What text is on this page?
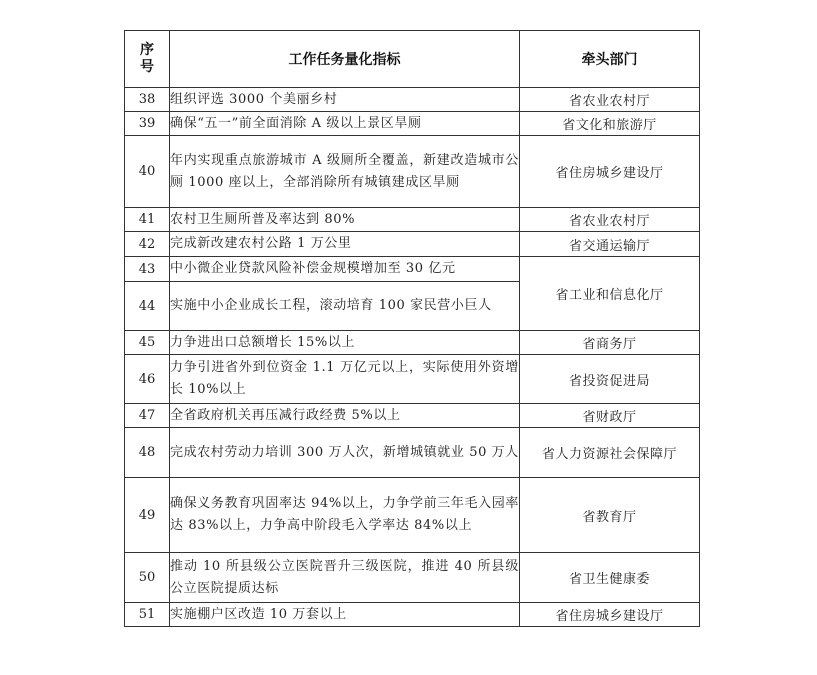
序
号	工作任务量化指标	牵头部门
38	组织评选 3000 个美丽乡村	省农业农村厅
39	确保“五一”前全面消除 A 级以上景区旱厕	省文化和旅游厅
40	年内实现重点旅游城市 A 级厕所全覆盖，新建改造城市公厕 1000 座以上，全部消除所有城镇建成区旱厕	省住房城乡建设厅
41	农村卫生厕所普及率达到 80%	省农业农村厅
42	完成新改建农村公路 1 万公里	省交通运输厅
43	中小微企业贷款风险补偿金规模增加至 30 亿元	省工业和信息化厅
44	实施中小企业成长工程，滚动培育 100 家民营小巨人	
45	力争进出口总额增长 15%以上	省商务厅
46	力争引进省外到位资金 1.1 万亿元以上，实际使用外资增长 10%以上	省投资促进局
47	全省政府机关再压减行政经费 5%以上	省财政厅
48	完成农村劳动力培训 300 万人次，新增城镇就业 50 万人	省人力资源社会保障厅
49	确保义务教育巩固率达 94%以上，力争学前三年毛入园率达 83%以上，力争高中阶段毛入学率达 84%以上	省教育厅
50	推动 10 所县级公立医院晋升三级医院，推进 40 所县级公立医院提质达标	省卫生健康委
51	实施棚户区改造 10 万套以上	省住房城乡建设厅
